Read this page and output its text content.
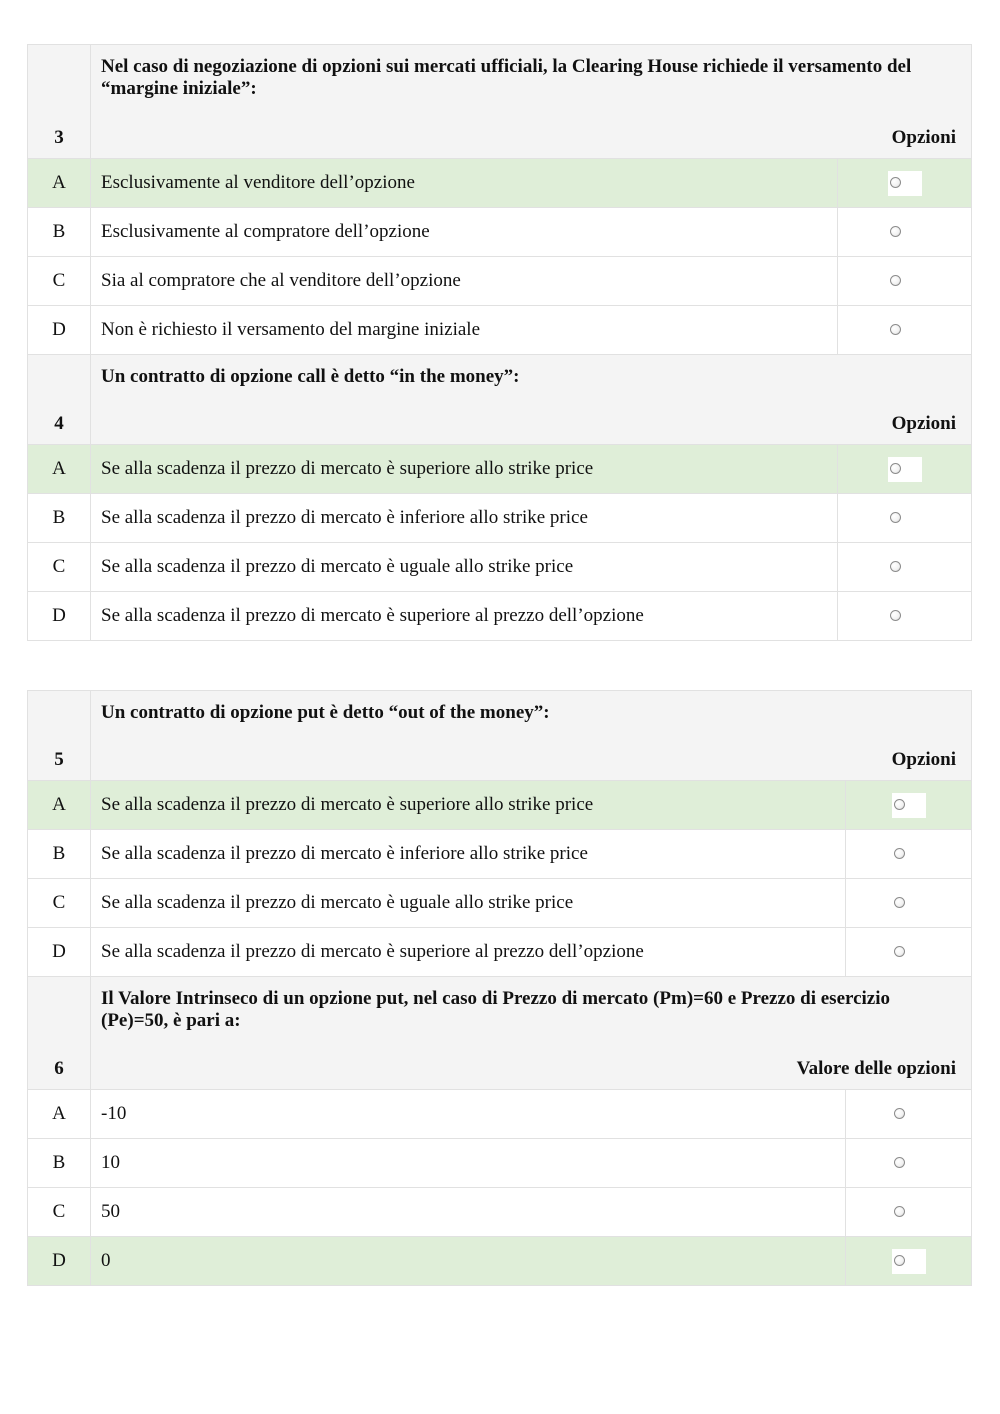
3	Nel caso di negoziazione di opzioni sui mercati ufficiali, la Clearing House richiede il versamento del “margine iniziale”:
Opzioni	

A	Esclusivamente al venditore dell’opzione	

B	Esclusivamente al compratore dell’opzione	

C	Sia al compratore che al venditore dell’opzione	

D	Non è richiesto il versamento del margine iniziale	

4	Un contratto di opzione call è detto “in the money”:
Opzioni	

A	Se alla scadenza il prezzo di mercato è superiore allo strike price	

B	Se alla scadenza il prezzo di mercato è inferiore allo strike price	

C	Se alla scadenza il prezzo di mercato è uguale allo strike price	

D	Se alla scadenza il prezzo di mercato è superiore al prezzo dell’opzione	
5	Un contratto di opzione put è detto “out of the money”:
Opzioni	

A	Se alla scadenza il prezzo di mercato è superiore allo strike price	

B	Se alla scadenza il prezzo di mercato è inferiore allo strike price	

C	Se alla scadenza il prezzo di mercato è uguale allo strike price	

D	Se alla scadenza il prezzo di mercato è superiore al prezzo dell’opzione	

6	Il Valore Intrinseco di un opzione put, nel caso di Prezzo di mercato (Pm)=60 e Prezzo di esercizio (Pe)=50, è pari a:
Valore delle opzioni	

A	-10	

B	10	

C	50	

D	0	
